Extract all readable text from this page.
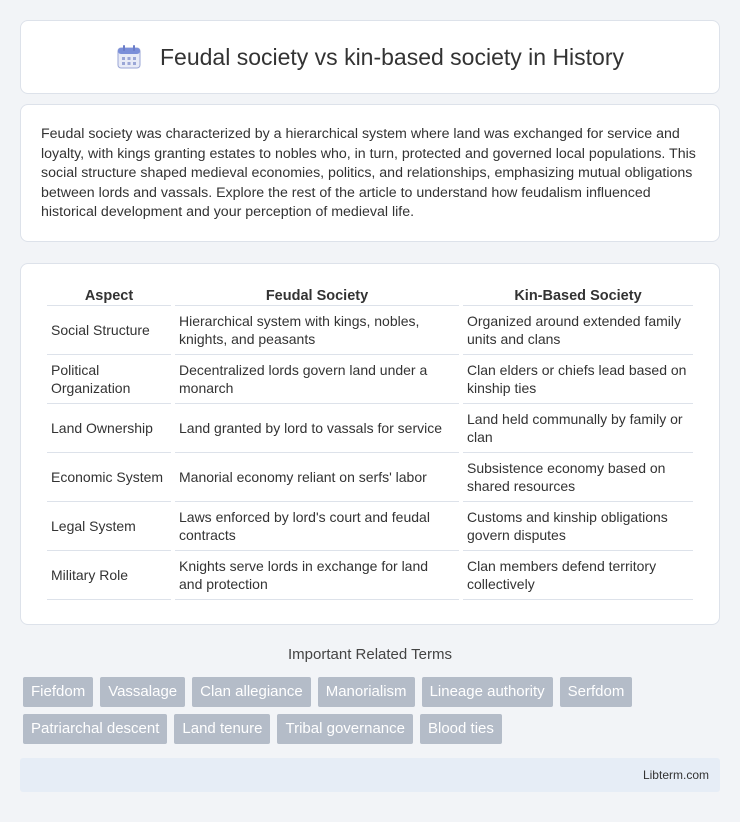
Feudal society vs kin-based society in History

Feudal society was characterized by a hierarchical system where land was exchanged for service and loyalty, with kings granting estates to nobles who, in turn, protected and governed local populations. This social structure shaped medieval economies, politics, and relationships, emphasizing mutual obligations between lords and vassals. Explore the rest of the article to understand how feudalism influenced historical development and your perception of medieval life.

Aspect	Feudal Society	Kin-Based Society
Social Structure	Hierarchical system with kings, nobles, knights, and peasants	Organized around extended family units and clans
Political Organization	Decentralized lords govern land under a monarch	Clan elders or chiefs lead based on kinship ties
Land Ownership	Land granted by lord to vassals for service	Land held communally by family or clan
Economic System	Manorial economy reliant on serfs' labor	Subsistence economy based on shared resources
Legal System	Laws enforced by lord's court and feudal contracts	Customs and kinship obligations govern disputes
Military Role	Knights serve lords in exchange for land and protection	Clan members defend territory collectively
Important Related Terms
Fiefdom	Vassalage	Clan allegiance	Manorialism	Lineage authority	Serfdom
Patriarchal descent	Land tenure	Tribal governance	Blood ties
Libterm.com
